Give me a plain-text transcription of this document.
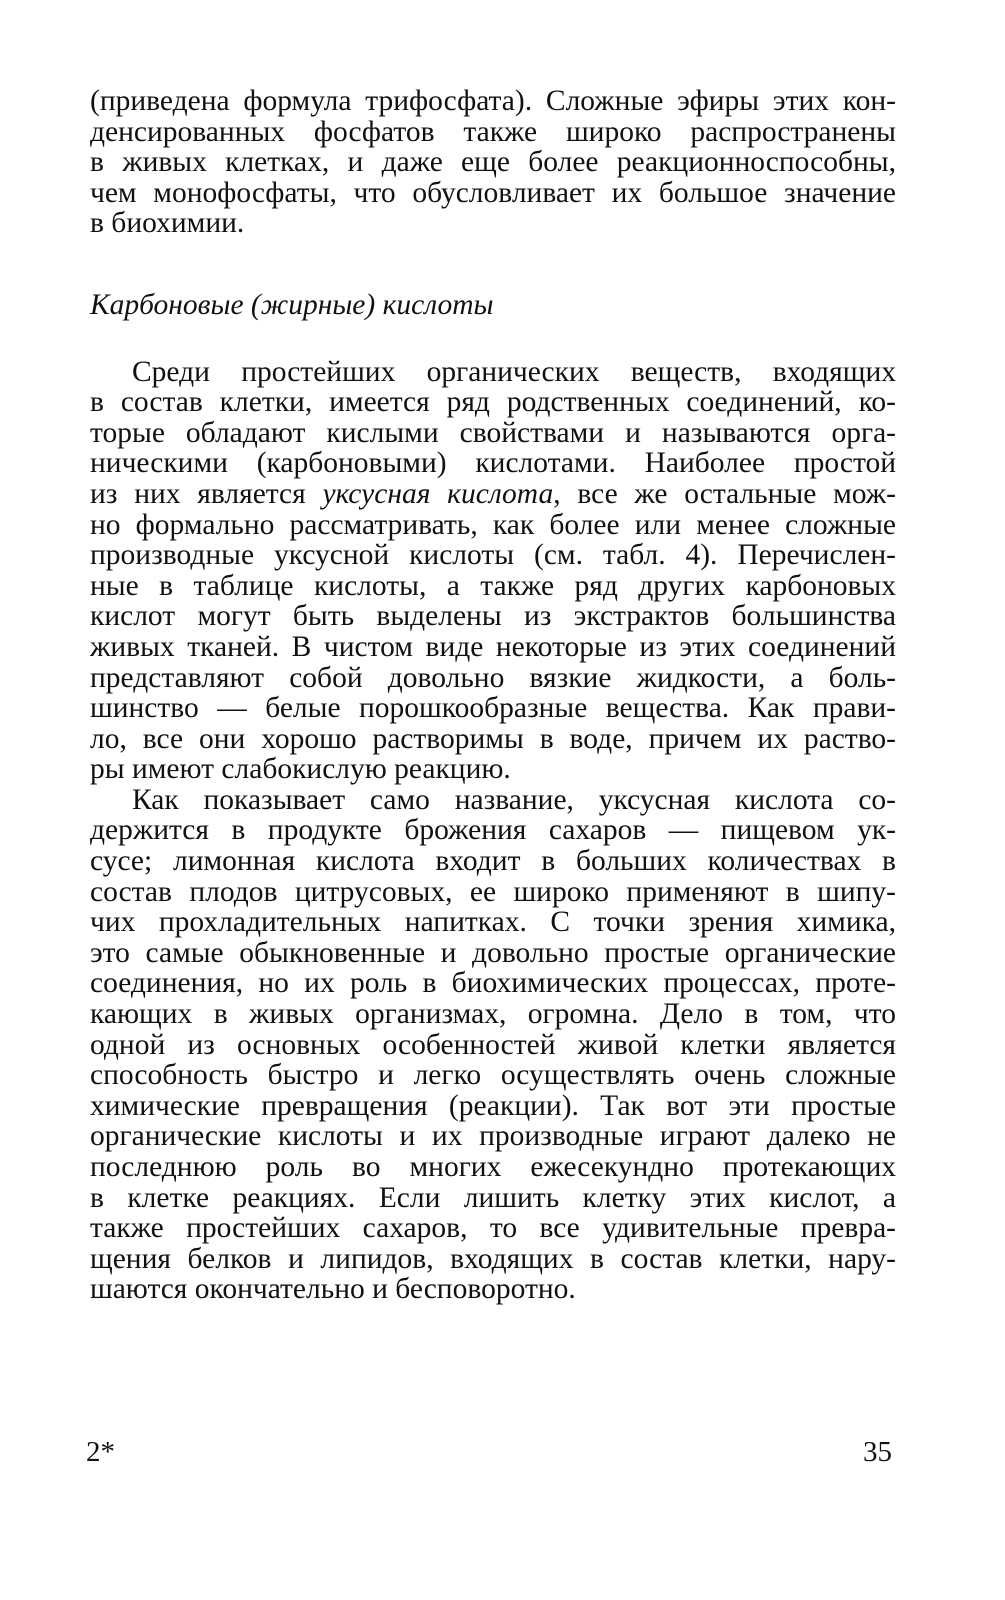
(приведена формула трифосфата). Сложные эфиры этих кон-
денсированных фосфатов также широко распространены
в живых клетках, и даже еще более реакционноспособны,
чем монофосфаты, что обусловливает их большое значение
в биохимии.
Карбоновые (жирные) кислоты
Среди простейших органических веществ, входящих
в состав клетки, имеется ряд родственных соединений, ко-
торые обладают кислыми свойствами и называются орга-
ническими (карбоновыми) кислотами. Наиболее простой
из них является уксусная кислота, все же остальные мож-
но формально рассматривать, как более или менее сложные
производные уксусной кислоты (см. табл. 4). Перечислен-
ные в таблице кислоты, а также ряд других карбоновых
кислот могут быть выделены из экстрактов большинства
живых тканей. В чистом виде некоторые из этих соединений
представляют собой довольно вязкие жидкости, а боль-
шинство — белые порошкообразные вещества. Как прави-
ло, все они хорошо растворимы в воде, причем их раство-
ры имеют слабокислую реакцию.
Как показывает само название, уксусная кислота со-
держится в продукте брожения сахаров — пищевом ук-
сусе; лимонная кислота входит в больших количествах в
состав плодов цитрусовых, ее широко применяют в шипу-
чих прохладительных напитках. С точки зрения химика,
это самые обыкновенные и довольно простые органические
соединения, но их роль в биохимических процессах, проте-
кающих в живых организмах, огромна. Дело в том, что
одной из основных особенностей живой клетки является
способность быстро и легко осуществлять очень сложные
химические превращения (реакции). Так вот эти простые
органические кислоты и их производные играют далеко не
последнюю роль во многих ежесекундно протекающих
в клетке реакциях. Если лишить клетку этих кислот, а
также простейших сахаров, то все удивительные превра-
щения белков и липидов, входящих в состав клетки, нару-
шаются окончательно и бесповоротно.
2*	35
